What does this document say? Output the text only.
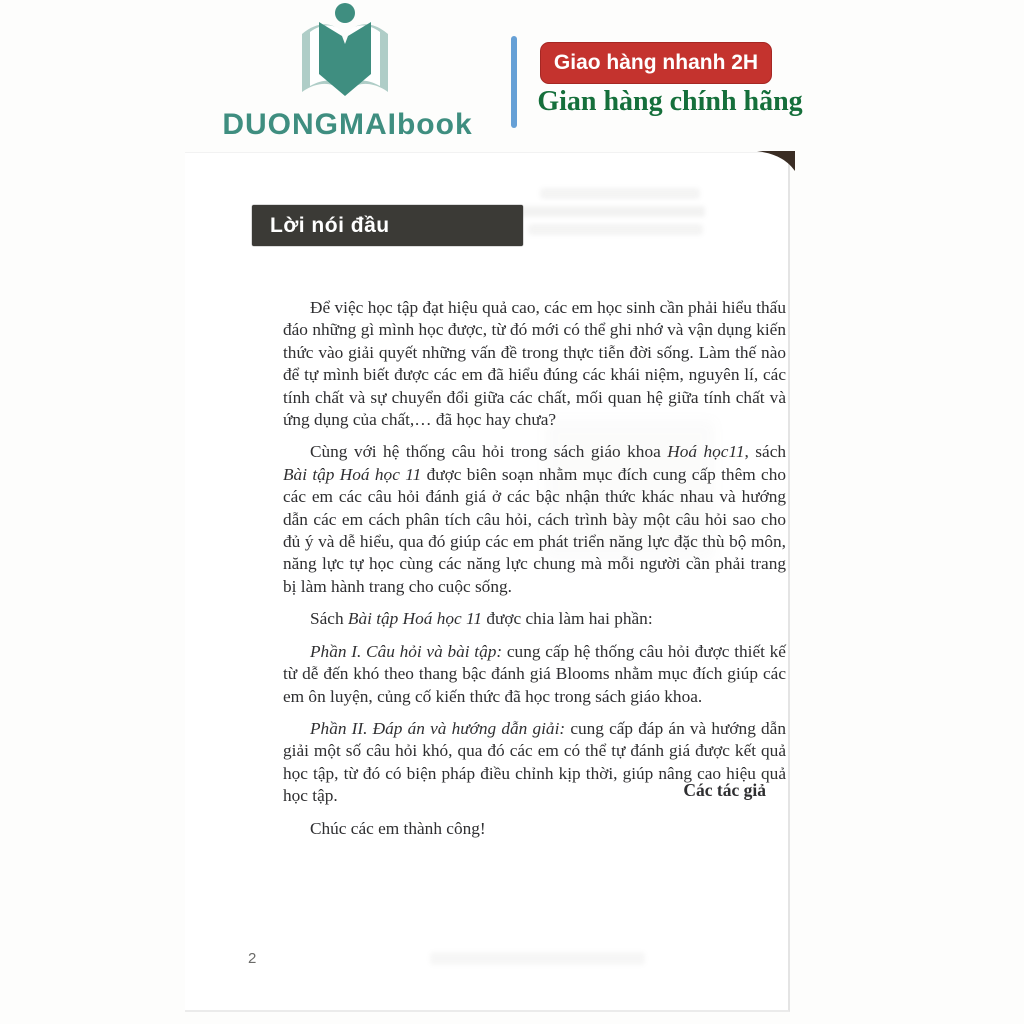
DUONGMAIbook
Giao hàng nhanh 2H
Gian hàng chính hãng
Lời nói đầu

Để việc học tập đạt hiệu quả cao, các em học sinh cần phải hiểu thấu đáo những gì mình học được, từ đó mới có thể ghi nhớ và vận dụng kiến thức vào giải quyết những vấn đề trong thực tiễn đời sống. Làm thế nào để tự mình biết được các em đã hiểu đúng các khái niệm, nguyên lí, các tính chất và sự chuyển đổi giữa các chất, mối quan hệ giữa tính chất và ứng dụng của chất,… đã học hay chưa?

Cùng với hệ thống câu hỏi trong sách giáo khoa Hoá học11, sách Bài tập Hoá học 11 được biên soạn nhằm mục đích cung cấp thêm cho các em các câu hỏi đánh giá ở các bậc nhận thức khác nhau và hướng dẫn các em cách phân tích câu hỏi, cách trình bày một câu hỏi sao cho đủ ý và dễ hiểu, qua đó giúp các em phát triển năng lực đặc thù bộ môn, năng lực tự học cùng các năng lực chung mà mỗi người cần phải trang bị làm hành trang cho cuộc sống.

Sách Bài tập Hoá học 11 được chia làm hai phần:

Phần I. Câu hỏi và bài tập: cung cấp hệ thống câu hỏi được thiết kế từ dễ đến khó theo thang bậc đánh giá Blooms nhằm mục đích giúp các em ôn luyện, củng cố kiến thức đã học trong sách giáo khoa.

Phần II. Đáp án và hướng dẫn giải: cung cấp đáp án và hướng dẫn giải một số câu hỏi khó, qua đó các em có thể tự đánh giá được kết quả học tập, từ đó có biện pháp điều chỉnh kịp thời, giúp nâng cao hiệu quả học tập.

Chúc các em thành công!

Các tác giả
2
